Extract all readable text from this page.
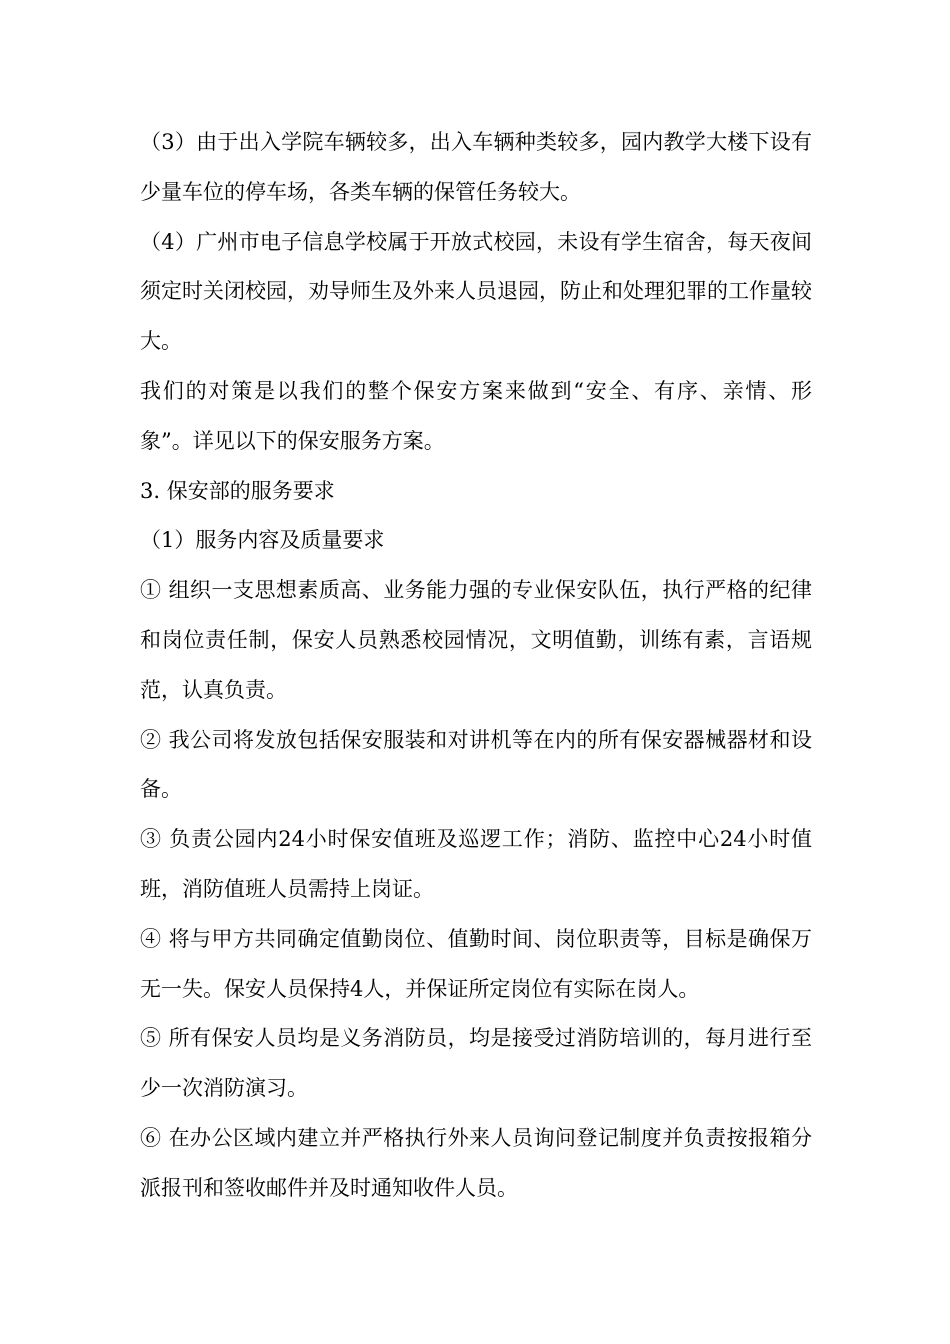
（3）由于出入学院车辆较多，出入车辆种类较多，园内教学大楼下设有少量车位的停车场，各类车辆的保管任务较大。

（4）广州市电子信息学校属于开放式校园，未设有学生宿舍，每天夜间须定时关闭校园，劝导师生及外来人员退园，防止和处理犯罪的工作量较大。

我们的对策是以我们的整个保安方案来做到“安全、有序、亲情、形象”。详见以下的保安服务方案。

3. 保安部的服务要求

（1）服务内容及质量要求

① 组织一支思想素质高、业务能力强的专业保安队伍，执行严格的纪律和岗位责任制，保安人员熟悉校园情况，文明值勤，训练有素，言语规范，认真负责。

② 我公司将发放包括保安服装和对讲机等在内的所有保安器械器材和设备。

③ 负责公园内24小时保安值班及巡逻工作；消防、监控中心24小时值班，消防值班人员需持上岗证。

④ 将与甲方共同确定值勤岗位、值勤时间、岗位职责等，目标是确保万无一失。保安人员保持4人，并保证所定岗位有实际在岗人。

⑤ 所有保安人员均是义务消防员，均是接受过消防培训的，每月进行至少一次消防演习。

⑥ 在办公区域内建立并严格执行外来人员询问登记制度并负责按报箱分派报刊和签收邮件并及时通知收件人员。
